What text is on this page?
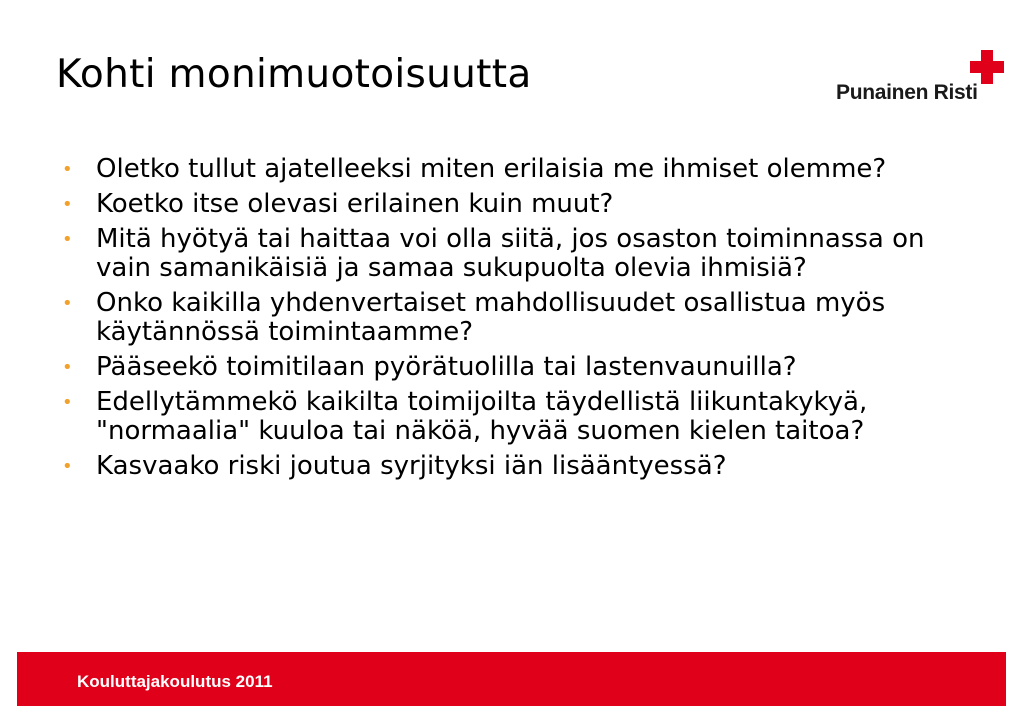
Kohti monimuotoisuutta	Punainen Risti
• Oletko tullut ajatelleeksi miten erilaisia me ihmiset olemme?
• Koetko itse olevasi erilainen kuin muut?
• Mitä hyötyä tai haittaa voi olla siitä, jos osaston toiminnassa on vain samanikäisiä ja samaa sukupuolta olevia ihmisiä?
• Onko kaikilla yhdenvertaiset mahdollisuudet osallistua myös käytännössä toimintaamme?
• Pääseekö toimitilaan pyörätuolilla tai lastenvaunuilla?
• Edellytämmekö kaikilta toimijoilta täydellistä liikuntakykyä, "normaalia" kuuloa tai näköä, hyvää suomen kielen taitoa?
• Kasvaako riski joutua syrjityksi iän lisääntyessä?
Kouluttajakoulutus 2011
